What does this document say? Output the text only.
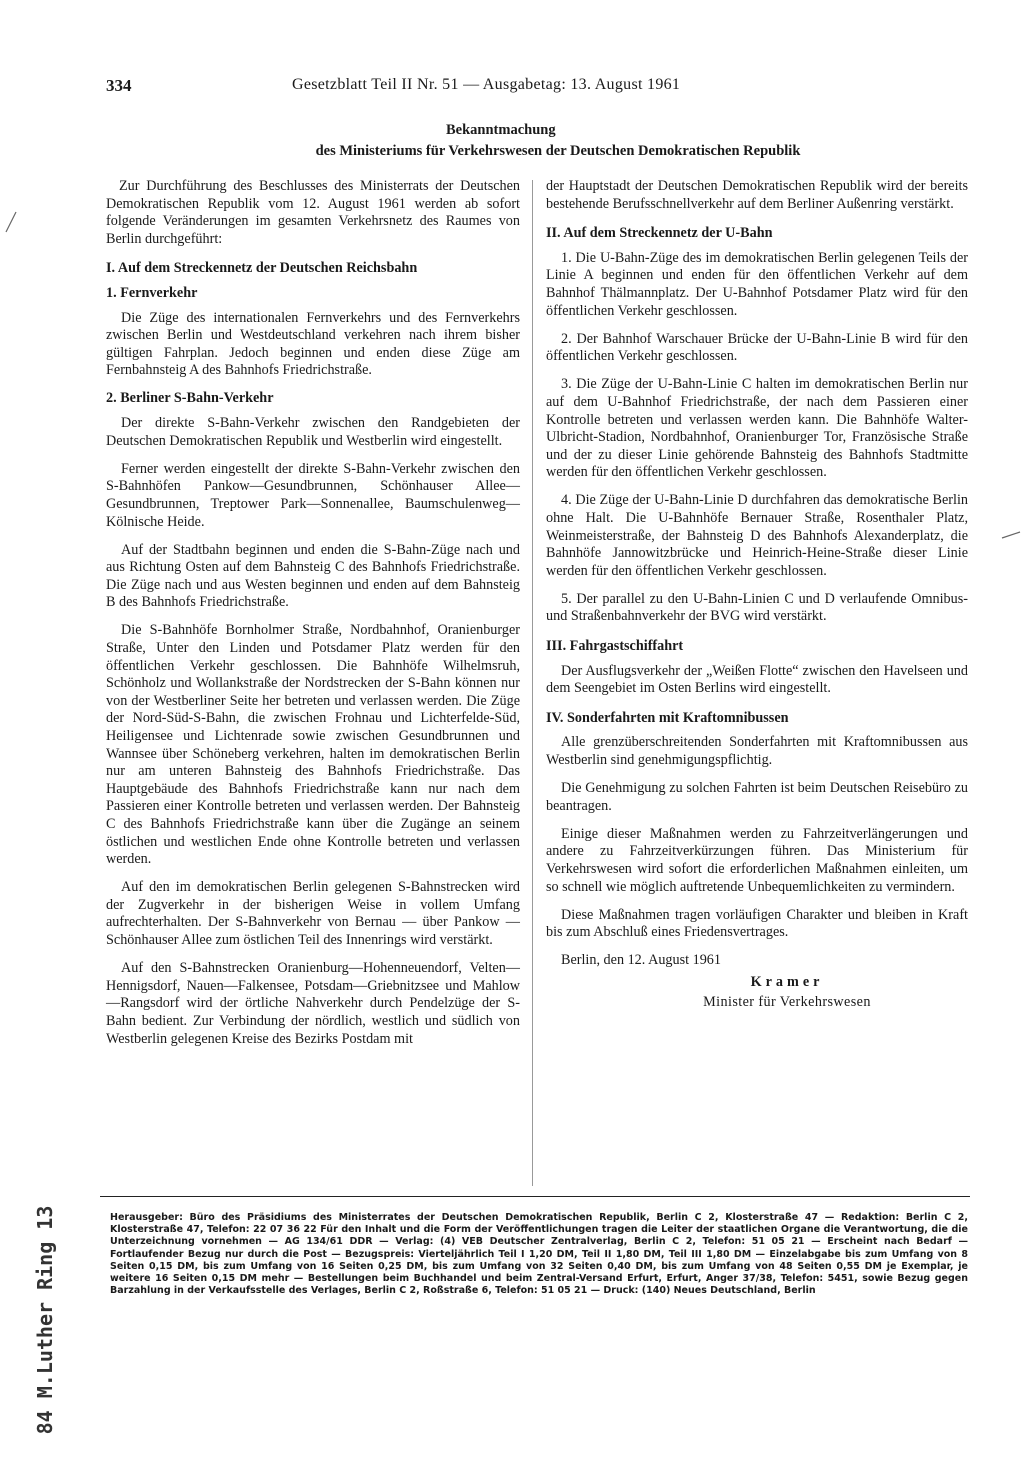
334	Gesetzblatt Teil II Nr. 51 — Ausgabetag: 13. August 1961
Bekanntmachung
des Ministeriums für Verkehrswesen der Deutschen Demokratischen Republik

Zur Durchführung des Beschlusses des Ministerrats der Deutschen Demokratischen Republik vom 12. August 1961 werden ab sofort folgende Veränderungen im gesamten Verkehrsnetz des Raumes von Berlin durchgeführt:

I. Auf dem Streckennetz der Deutschen Reichsbahn
1. Fernverkehr

Die Züge des internationalen Fernverkehrs und des Fernverkehrs zwischen Berlin und Westdeutschland verkehren nach ihrem bisher gültigen Fahrplan. Jedoch beginnen und enden diese Züge am Fernbahnsteig A des Bahnhofs Friedrichstraße.

2. Berliner S-Bahn-Verkehr

Der direkte S-Bahn-Verkehr zwischen den Randgebieten der Deutschen Demokratischen Republik und Westberlin wird eingestellt.

Ferner werden eingestellt der direkte S-Bahn-Verkehr zwischen den S-Bahnhöfen Pankow—Gesundbrunnen, Schönhauser Allee—Gesundbrunnen, Treptower Park—Sonnenallee, Baumschulenweg—Kölnische Heide.

Auf der Stadtbahn beginnen und enden die S-Bahn-Züge nach und aus Richtung Osten auf dem Bahnsteig C des Bahnhofs Friedrichstraße. Die Züge nach und aus Westen beginnen und enden auf dem Bahnsteig B des Bahnhofs Friedrichstraße.

Die S-Bahnhöfe Bornholmer Straße, Nordbahnhof, Oranienburger Straße, Unter den Linden und Potsdamer Platz werden für den öffentlichen Verkehr geschlossen. Die Bahnhöfe Wilhelmsruh, Schönholz und Wollankstraße der Nordstrecken der S-Bahn können nur von der Westberliner Seite her betreten und verlassen werden. Die Züge der Nord-Süd-S-Bahn, die zwischen Frohnau und Lichterfelde-Süd, Heiligensee und Lichtenrade sowie zwischen Gesundbrunnen und Wannsee über Schöneberg verkehren, halten im demokratischen Berlin nur am unteren Bahnsteig des Bahnhofs Friedrichstraße. Das Hauptgebäude des Bahnhofs Friedrichstraße kann nur nach dem Passieren einer Kontrolle betreten und verlassen werden. Der Bahnsteig C des Bahnhofs Friedrichstraße kann über die Zugänge an seinem östlichen und westlichen Ende ohne Kontrolle betreten und verlassen werden.

Auf den im demokratischen Berlin gelegenen S-Bahnstrecken wird der Zugverkehr in der bisherigen Weise in vollem Umfang aufrechterhalten. Der S-Bahnverkehr von Bernau — über Pankow — Schönhauser Allee zum östlichen Teil des Innenrings wird verstärkt.

Auf den S-Bahnstrecken Oranienburg—Hohenneuendorf, Velten—Hennigsdorf, Nauen—Falkensee, Potsdam—Griebnitzsee und Mahlow—Rangsdorf wird der örtliche Nahverkehr durch Pendelzüge der S-Bahn bedient. Zur Verbindung der nördlich, westlich und südlich von Westberlin gelegenen Kreise des Bezirks Postdam mit

der Hauptstadt der Deutschen Demokratischen Republik wird der bereits bestehende Berufsschnellverkehr auf dem Berliner Außenring verstärkt.

II. Auf dem Streckennetz der U-Bahn

1. Die U-Bahn-Züge des im demokratischen Berlin gelegenen Teils der Linie A beginnen und enden für den öffentlichen Verkehr auf dem Bahnhof Thälmannplatz. Der U-Bahnhof Potsdamer Platz wird für den öffentlichen Verkehr geschlossen.

2. Der Bahnhof Warschauer Brücke der U-Bahn-Linie B wird für den öffentlichen Verkehr geschlossen.

3. Die Züge der U-Bahn-Linie C halten im demokratischen Berlin nur auf dem U-Bahnhof Friedrichstraße, der nach dem Passieren einer Kontrolle betreten und verlassen werden kann. Die Bahnhöfe Walter-Ulbricht-Stadion, Nordbahnhof, Oranienburger Tor, Französische Straße und der zu dieser Linie gehörende Bahnsteig des Bahnhofs Stadtmitte werden für den öffentlichen Verkehr geschlossen.

4. Die Züge der U-Bahn-Linie D durchfahren das demokratische Berlin ohne Halt. Die U-Bahnhöfe Bernauer Straße, Rosenthaler Platz, Weinmeisterstraße, der Bahnsteig D des Bahnhofs Alexanderplatz, die Bahnhöfe Jannowitzbrücke und Heinrich-Heine-Straße dieser Linie werden für den öffentlichen Verkehr geschlossen.

5. Der parallel zu den U-Bahn-Linien C und D verlaufende Omnibus- und Straßenbahnverkehr der BVG wird verstärkt.

III. Fahrgastschiffahrt

Der Ausflugsverkehr der „Weißen Flotte“ zwischen den Havelseen und dem Seengebiet im Osten Berlins wird eingestellt.

IV. Sonderfahrten mit Kraftomnibussen

Alle grenzüberschreitenden Sonderfahrten mit Kraftomnibussen aus Westberlin sind genehmigungspflichtig.

Die Genehmigung zu solchen Fahrten ist beim Deutschen Reisebüro zu beantragen.

Einige dieser Maßnahmen werden zu Fahrzeitverlängerungen und andere zu Fahrzeitverkürzungen führen. Das Ministerium für Verkehrswesen wird sofort die erforderlichen Maßnahmen einleiten, um so schnell wie möglich auftretende Unbequemlichkeiten zu vermindern.

Diese Maßnahmen tragen vorläufigen Charakter und bleiben in Kraft bis zum Abschluß eines Friedensvertrages.

Berlin, den 12. August 1961

Kramer
Minister für Verkehrswesen
Herausgeber: Büro des Präsidiums des Ministerrates der Deutschen Demokratischen Republik, Berlin C 2, Klosterstraße 47 — Redaktion: Berlin C 2, Klosterstraße 47, Telefon: 22 07 36 22 Für den Inhalt und die Form der Veröffentlichungen tragen die Leiter der staatlichen Organe die Verantwortung, die die Unterzeichnung vornehmen — AG 134/61 DDR — Verlag: (4) VEB Deutscher Zentralverlag, Berlin C 2, Telefon: 51 05 21 — Erscheint nach Bedarf — Fortlaufender Bezug nur durch die Post — Bezugspreis: Vierteljährlich Teil I 1,20 DM, Teil II 1,80 DM, Teil III 1,80 DM — Einzelabgabe bis zum Umfang von 8 Seiten 0,15 DM, bis zum Umfang von 16 Seiten 0,25 DM, bis zum Umfang von 32 Seiten 0,40 DM, bis zum Umfang von 48 Seiten 0,55 DM je Exemplar, je weitere 16 Seiten 0,15 DM mehr — Bestellungen beim Buchhandel und beim Zentral-Versand Erfurt, Erfurt, Anger 37/38, Telefon: 5451, sowie Bezug gegen Barzahlung in der Verkaufsstelle des Verlages, Berlin C 2, Roßstraße 6, Telefon: 51 05 21 — Druck: (140) Neues Deutschland, Berlin
84 M.Luther Ring 13
